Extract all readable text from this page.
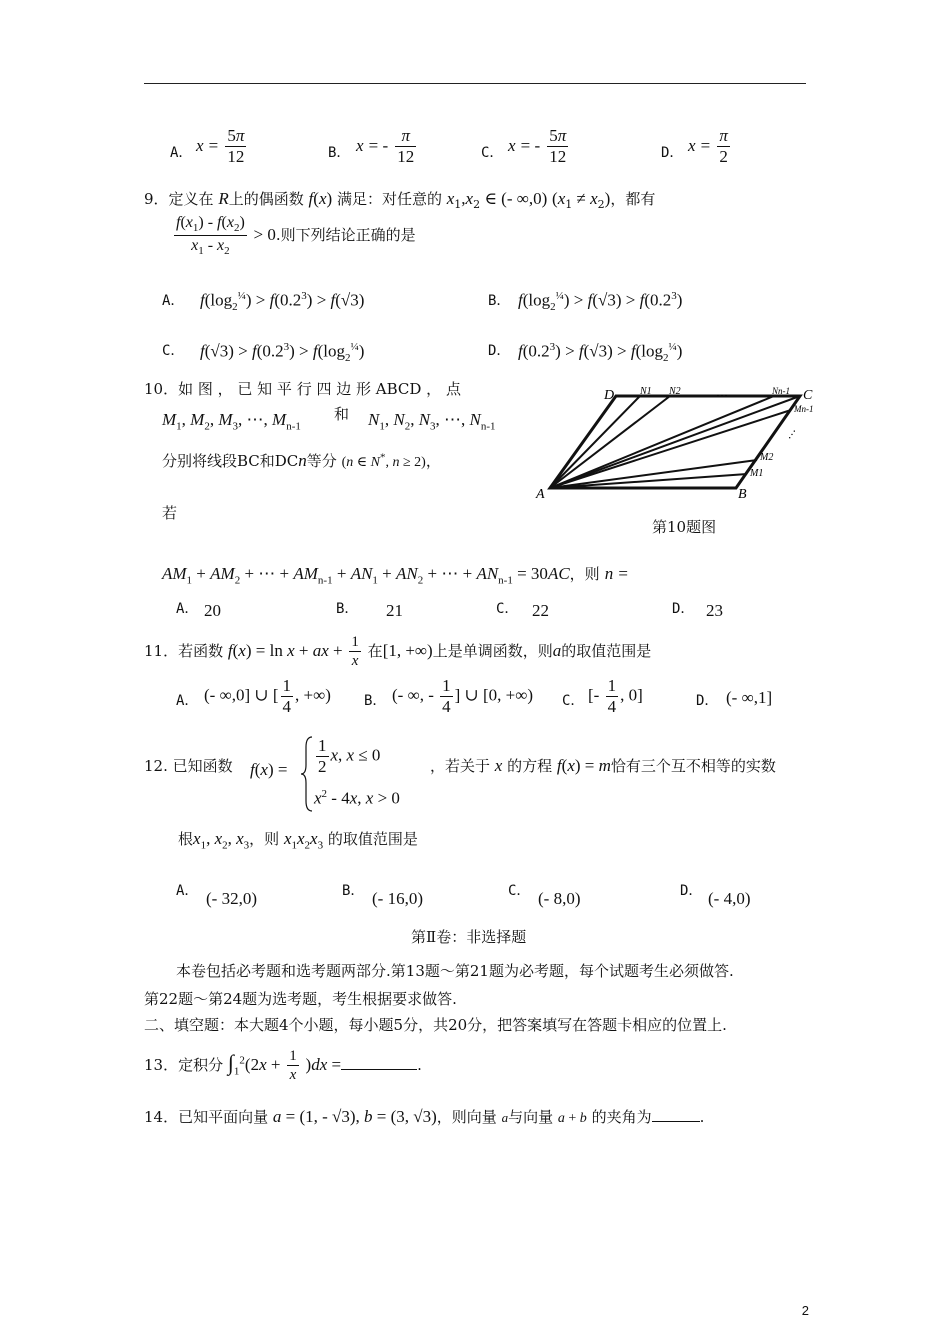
A． $x = \frac{5\pi}{12}$	B． x = - $\frac{\pi}{12}$	C． x = - $\frac{5\pi}{12}$	D． $x = \frac{\pi}{2}$
9．定义在 R上的偶函数 f(x) 满足：对任意的 $x_1,x_2$ ∈ (- ∞,0) $(x_1 \ne x_2)$，都有
$\frac{f(x_1) - f(x_2)}{x_1 - x_2} > 0$.则下列结论正确的是
A． $f(\log_2^{\frac{1}{4}}) > f(0.2^3) > f(√3)$	B． $f(\log_2^{\frac{1}{4}}) > f(√3) > f(0.2^3)$
C． $f(√3) > f(0.2^3) > f(\log_2^{\frac{1}{4}})$	D． $f(0.2^3) > f(√3) > f(\log_2^{\frac{1}{4}})$
10．如 图 ， 已 知 平 行 四 边 形 ABCD ， 点
$M_1$, $M_2$, $M_3$, ⋯, $M_{n-1}$
和 $N_1$, $N_2$, $N_3$, ⋯, $N_{n-1}$
分别将线段BC和DCn等分 (n ∈ N*, n ≥ 2)，
若
A	B
C
D	N1 N2	Nn-1
…
Mn-1
…
M2
M1
第10题图
$AM_1 + AM_2$ + ⋯ + $AM_{n-1} + AN_1 + AN_2$ + ⋯ + $AN_{n-1} = 30AC$，则 n =
A． 20	B． 21	C． 22	D． 23
11．若函数 f(x) = ln x + ax + $\frac{1}{x}$ 在[1, +∞)上是单调函数，则a的取值范围是
A． (- ∞,0] ∪ [ $\frac{1}{4}$ , +∞) B． (- ∞, - $\frac{1}{4}$ ] ∪ [0, +∞) C． [- $\frac{1}{4}$ , 0]	D． (- ∞,1]
12. 已知函数 $f(x) = \frac{1}{2} x$, x ≤ 0
$x^2 - 4x$, x > 0
，若关于 x 的方程 f(x) = m恰有三个互不相等的实数
根$x_1$, $x_2$, $x_3$，则 $x_1x_2x_3$ 的取值范围是
A． (- 32,0)	B． (- 16,0)	C． (- 8,0)	D． (- 4,0)
第Ⅱ卷：非选择题
本卷包括必考题和选考题两部分.第13题～第21题为必考题，每个试题考生必须做答.
第22题～第24题为选考题，考生根据要求做答.
二、填空题：本大题4个小题，每小题5分，共20分，把答案填写在答题卡相应的位置上.
13．定积分 $\int_1^2(2x + \frac{1}{x} )dx$ =	.
14．已知平面向量 a = (1, - √3), b = (3, √3)，则向量 a与向量 a + b 的夹角为	.
2
